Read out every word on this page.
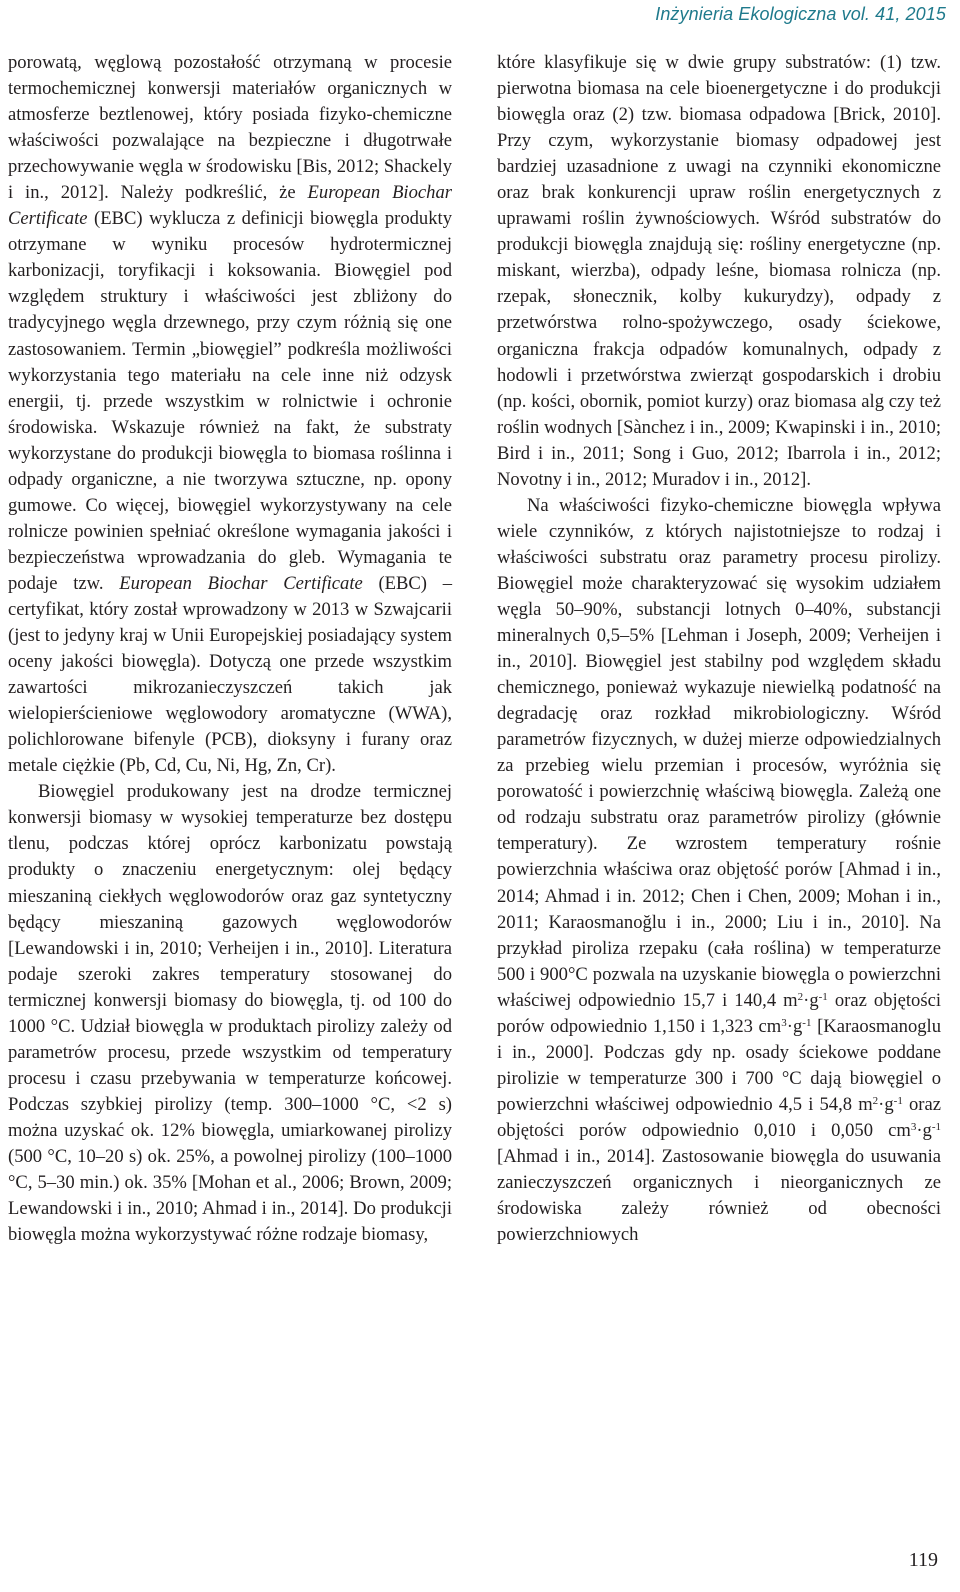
Inżynieria Ekologiczna vol. 41, 2015

porowatą, węglową pozostałość otrzymaną w procesie termochemicznej konwersji materiałów organicznych w atmosferze beztlenowej, który posiada fizyko-chemiczne właściwości pozwalające na bezpieczne i długotrwałe przechowywanie węgla w środowisku [Bis, 2012; Shackely i in., 2012]. Należy podkreślić, że European Biochar Certificate (EBC) wyklucza z definicji biowęgla produkty otrzymane w wyniku procesów hydrotermicznej karbonizacji, toryfikacji i koksowania. Biowęgiel pod względem struktury i właściwości jest zbliżony do tradycyjnego węgla drzewnego, przy czym różnią się one zastosowaniem. Termin „biowęgiel” podkreśla możliwości wykorzystania tego materiału na cele inne niż odzysk energii, tj. przede wszystkim w rolnictwie i ochronie środowiska. Wskazuje również na fakt, że substraty wykorzystane do produkcji biowęgla to biomasa roślinna i odpady organiczne, a nie tworzywa sztuczne, np. opony gumowe. Co więcej, biowęgiel wykorzystywany na cele rolnicze powinien spełniać określone wymagania jakości i bezpieczeństwa wprowadzania do gleb. Wymagania te podaje tzw. European Biochar Certificate (EBC) – certyfikat, który został wprowadzony w 2013 w Szwajcarii (jest to jedyny kraj w Unii Europejskiej posiadający system oceny jakości biowęgla). Dotyczą one przede wszystkim zawartości mikrozanieczyszczeń takich jak wielopierścieniowe węglowodory aromatyczne (WWA), polichlorowane bifenyle (PCB), dioksyny i furany oraz metale ciężkie (Pb, Cd, Cu, Ni, Hg, Zn, Cr).

Biowęgiel produkowany jest na drodze termicznej konwersji biomasy w wysokiej temperaturze bez dostępu tlenu, podczas której oprócz karbonizatu powstają produkty o znaczeniu energetycznym: olej będący mieszaniną ciekłych węglowodorów oraz gaz syntetyczny będący mieszaniną gazowych węglowodorów [Lewandowski i in, 2010; Verheijen i in., 2010]. Literatura podaje szeroki zakres temperatury stosowanej do termicznej konwersji biomasy do biowęgla, tj. od 100 do 1000 °C. Udział biowęgla w produktach pirolizy zależy od parametrów procesu, przede wszystkim od temperatury procesu i czasu przebywania w temperaturze końcowej. Podczas szybkiej pirolizy (temp. 300–1000 °C, <2 s) można uzyskać ok. 12% biowęgla, umiarkowanej pirolizy (500 °C, 10–20 s) ok. 25%, a powolnej pirolizy (100–1000 °C, 5–30 min.) ok. 35% [Mohan et al., 2006; Brown, 2009; Lewandowski i in., 2010; Ahmad i in., 2014]. Do produkcji biowęgla można wykorzystywać różne rodzaje biomasy,

które klasyfikuje się w dwie grupy substratów: (1) tzw. pierwotna biomasa na cele bioenergetyczne i do produkcji biowęgla oraz (2) tzw. biomasa odpadowa [Brick, 2010]. Przy czym, wykorzystanie biomasy odpadowej jest bardziej uzasadnione z uwagi na czynniki ekonomiczne oraz brak konkurencji upraw roślin energetycznych z uprawami roślin żywnościowych. Wśród substratów do produkcji biowęgla znajdują się: rośliny energetyczne (np. miskant, wierzba), odpady leśne, biomasa rolnicza (np. rzepak, słonecznik, kolby kukurydzy), odpady z przetwórstwa rolno-spożywczego, osady ściekowe, organiczna frakcja odpadów komunalnych, odpady z hodowli i przetwórstwa zwierząt gospodarskich i drobiu (np. kości, obornik, pomiot kurzy) oraz biomasa alg czy też roślin wodnych [Sànchez i in., 2009; Kwapinski i in., 2010; Bird i in., 2011; Song i Guo, 2012; Ibarrola i in., 2012; Novotny i in., 2012; Muradov i in., 2012].

Na właściwości fizyko-chemiczne biowęgla wpływa wiele czynników, z których najistotniejsze to rodzaj i właściwości substratu oraz parametry procesu pirolizy. Biowęgiel może charakteryzować się wysokim udziałem węgla 50–90%, substancji lotnych 0–40%, substancji mineralnych 0,5–5% [Lehman i Joseph, 2009; Verheijen i in., 2010]. Biowęgiel jest stabilny pod względem składu chemicznego, ponieważ wykazuje niewielką podatność na degradację oraz rozkład mikrobiologiczny. Wśród parametrów fizycznych, w dużej mierze odpowiedzialnych za przebieg wielu przemian i procesów, wyróżnia się porowatość i powierzchnię właściwą biowęgla. Zależą one od rodzaju substratu oraz parametrów pirolizy (głównie temperatury). Ze wzrostem temperatury rośnie powierzchnia właściwa oraz objętość porów [Ahmad i in., 2014; Ahmad i in. 2012; Chen i Chen, 2009; Mohan i in., 2011; Karaosmanoğlu i in., 2000; Liu i in., 2010]. Na przykład piroliza rzepaku (cała roślina) w temperaturze 500 i 900°C pozwala na uzyskanie biowęgla o powierzchni właściwej odpowiednio 15,7 i 140,4 $m^2\cdot g^{-1}$ oraz objętości porów odpowiednio 1,150 i 1,323 $cm^3\cdot g^{-1}$ [Karaosmanoglu i in., 2000]. Podczas gdy np. osady ściekowe poddane pirolizie w temperaturze 300 i 700 °C dają biowęgiel o powierzchni właściwej odpowiednio 4,5 i 54,8 $m^2\cdot g^{-1}$ oraz objętości porów odpowiednio 0,010 i 0,050 $cm^3\cdot g^{-1}$ [Ahmad i in., 2014]. Zastosowanie biowęgla do usuwania zanieczyszczeń organicznych i nieorganicznych ze środowiska zależy również od obecności powierzchniowych

119
